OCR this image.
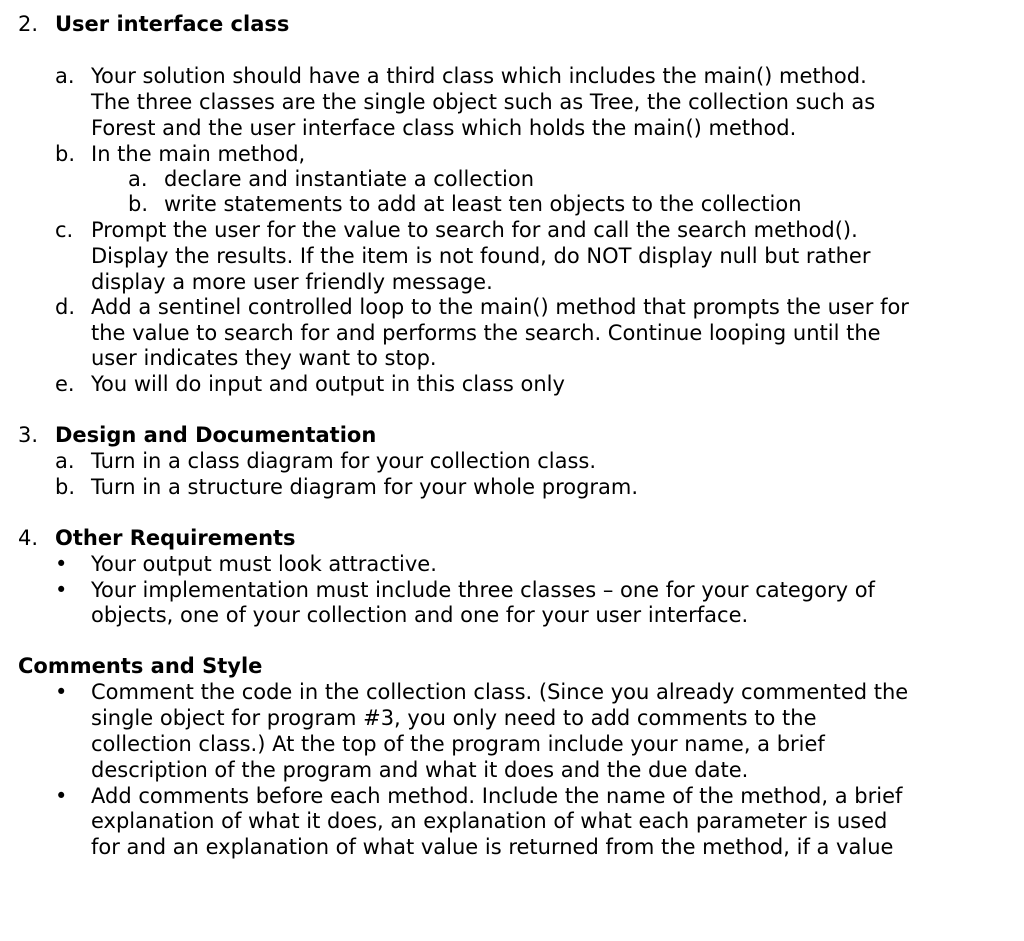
2. User interface class
a. Your solution should have a third class which includes the main() method.
The three classes are the single object such as Tree, the collection such as
Forest and the user interface class which holds the main() method.
b. In the main method,
a. declare and instantiate a collection
b. write statements to add at least ten objects to the collection
c. Prompt the user for the value to search for and call the search method().
Display the results. If the item is not found, do NOT display null but rather
display a more user friendly message.
d. Add a sentinel controlled loop to the main() method that prompts the user for
the value to search for and performs the search. Continue looping until the
user indicates they want to stop.
e. You will do input and output in this class only
3. Design and Documentation
a. Turn in a class diagram for your collection class.
b. Turn in a structure diagram for your whole program.
4. Other Requirements
• Your output must look attractive.
• Your implementation must include three classes – one for your category of
objects, one of your collection and one for your user interface.
Comments and Style
• Comment the code in the collection class. (Since you already commented the
single object for program #3, you only need to add comments to the
collection class.) At the top of the program include your name, a brief
description of the program and what it does and the due date.
• Add comments before each method. Include the name of the method, a brief
explanation of what it does, an explanation of what each parameter is used
for and an explanation of what value is returned from the method, if a value
